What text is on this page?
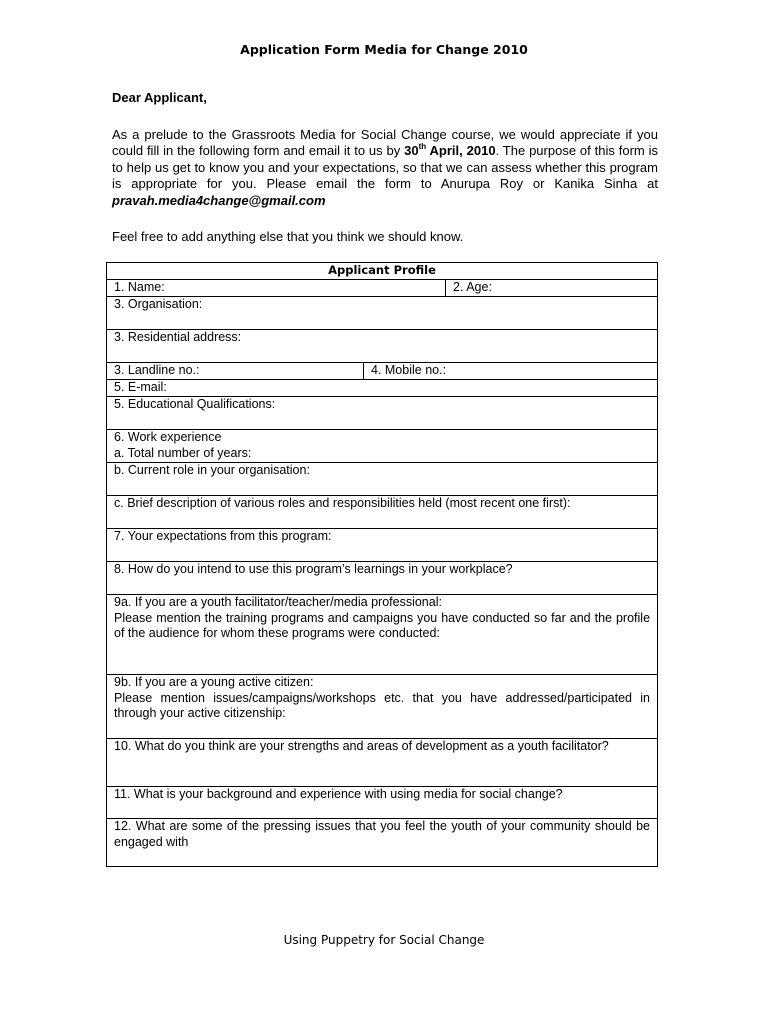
Application Form Media for Change 2010
Dear Applicant,
As a prelude to the Grassroots Media for Social Change course, we would appreciate if you could fill in the following form and email it to us by 30th April, 2010. The purpose of this form is to help us get to know you and your expectations, so that we can assess whether this program is appropriate for you. Please email the form to Anurupa Roy or Kanika Sinha at pravah.media4change@gmail.com
Feel free to add anything else that you think we should know.
Applicant Profile		
1. Name:		2. Age:
3. Organisation:		
3. Residential address:		
3. Landline no.:	4. Mobile no.:	
5. E-mail:		
5. Educational Qualifications:		

6. Work experience
a. Total number of years:		

b. Current role in your organisation:		
c. Brief description of various roles and responsibilities held (most recent one first):		
7. Your expectations from this program:		
8. How do you intend to use this program’s learnings in your workplace?		

9a. If you are a youth facilitator/teacher/media professional:
Please mention the training programs and campaigns you have conducted so far and the profile of the audience for whom these programs were conducted:		

9b. If you are a young active citizen:
Please mention issues/campaigns/workshops etc. that you have addressed/participated in through your active citizenship:		

10. What do you think are your strengths and areas of development as a youth facilitator?		
11. What is your background and experience with using media for social change?		
12. What are some of the pressing issues that you feel the youth of your community should be engaged with		
Using Puppetry for Social Change
